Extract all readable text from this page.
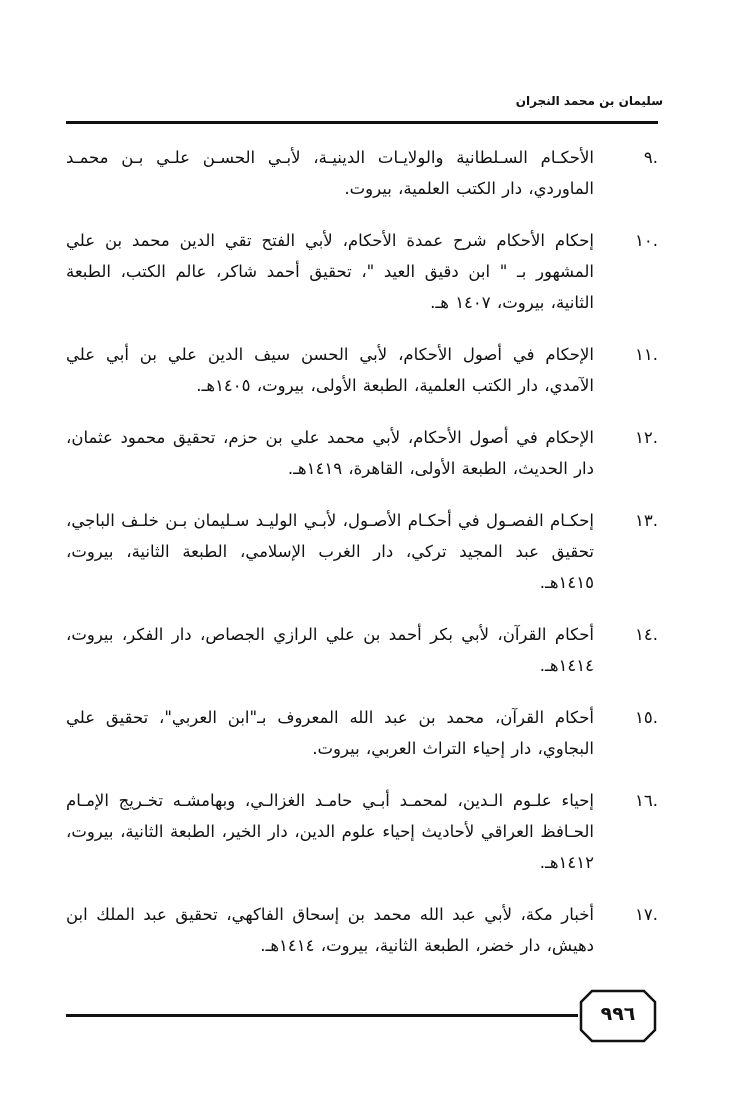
سليمان بن محمد النجران
.٩
الأحكـام السـلطانية والولايـات الدينيـة، لأبـي الحسـن علـي بـن محمـد الماوردي، دار الكتب العلمية، بيروت.
.١٠
إحكام الأحكام شرح عمدة الأحكام، لأبي الفتح تقي الدين محمد بن علي المشهور بـ " ابن دقيق العيد "، تحقيق أحمد شاكر، عالم الكتب، الطبعة الثانية، بيروت، ١٤٠٧ هـ.
.١١
الإحكام في أصول الأحكام، لأبي الحسن سيف الدين علي بن أبي علي الآمدي، دار الكتب العلمية، الطبعة الأولى، بيروت، ١٤٠٥هـ.
.١٢
الإحكام في أصول الأحكام، لأبي محمد علي بن حزم، تحقيق محمود عثمان، دار الحديث، الطبعة الأولى، القاهرة، ١٤١٩هـ.
.١٣
إحكـام الفصـول في أحكـام الأصـول، لأبـي الوليـد سـليمان بـن خلـف الباجي، تحقيق عبد المجيد تركي، دار الغرب الإسلامي، الطبعة الثانية، بيروت، ١٤١٥هـ.
.١٤
أحكام القرآن، لأبي بكر أحمد بن علي الرازي الجصاص، دار الفكر، بيروت، ١٤١٤هـ.
.١٥
أحكام القرآن، محمد بن عبد الله المعروف بـ"ابن العربي"، تحقيق علي البجاوي، دار إحياء التراث العربي، بيروت.
.١٦
إحياء علـوم الـدين، لمحمـد أبـي حامـد الغزالـي، وبهامشـه تخـريج الإمـام الحـافظ العراقي لأحاديث إحياء علوم الدين، دار الخير، الطبعة الثانية، بيروت، ١٤١٢هـ.
.١٧
أخبار مكة، لأبي عبد الله محمد بن إسحاق الفاكهي، تحقيق عبد الملك ابن دهيش، دار خضر، الطبعة الثانية، بيروت، ١٤١٤هـ.
٩٩٦
